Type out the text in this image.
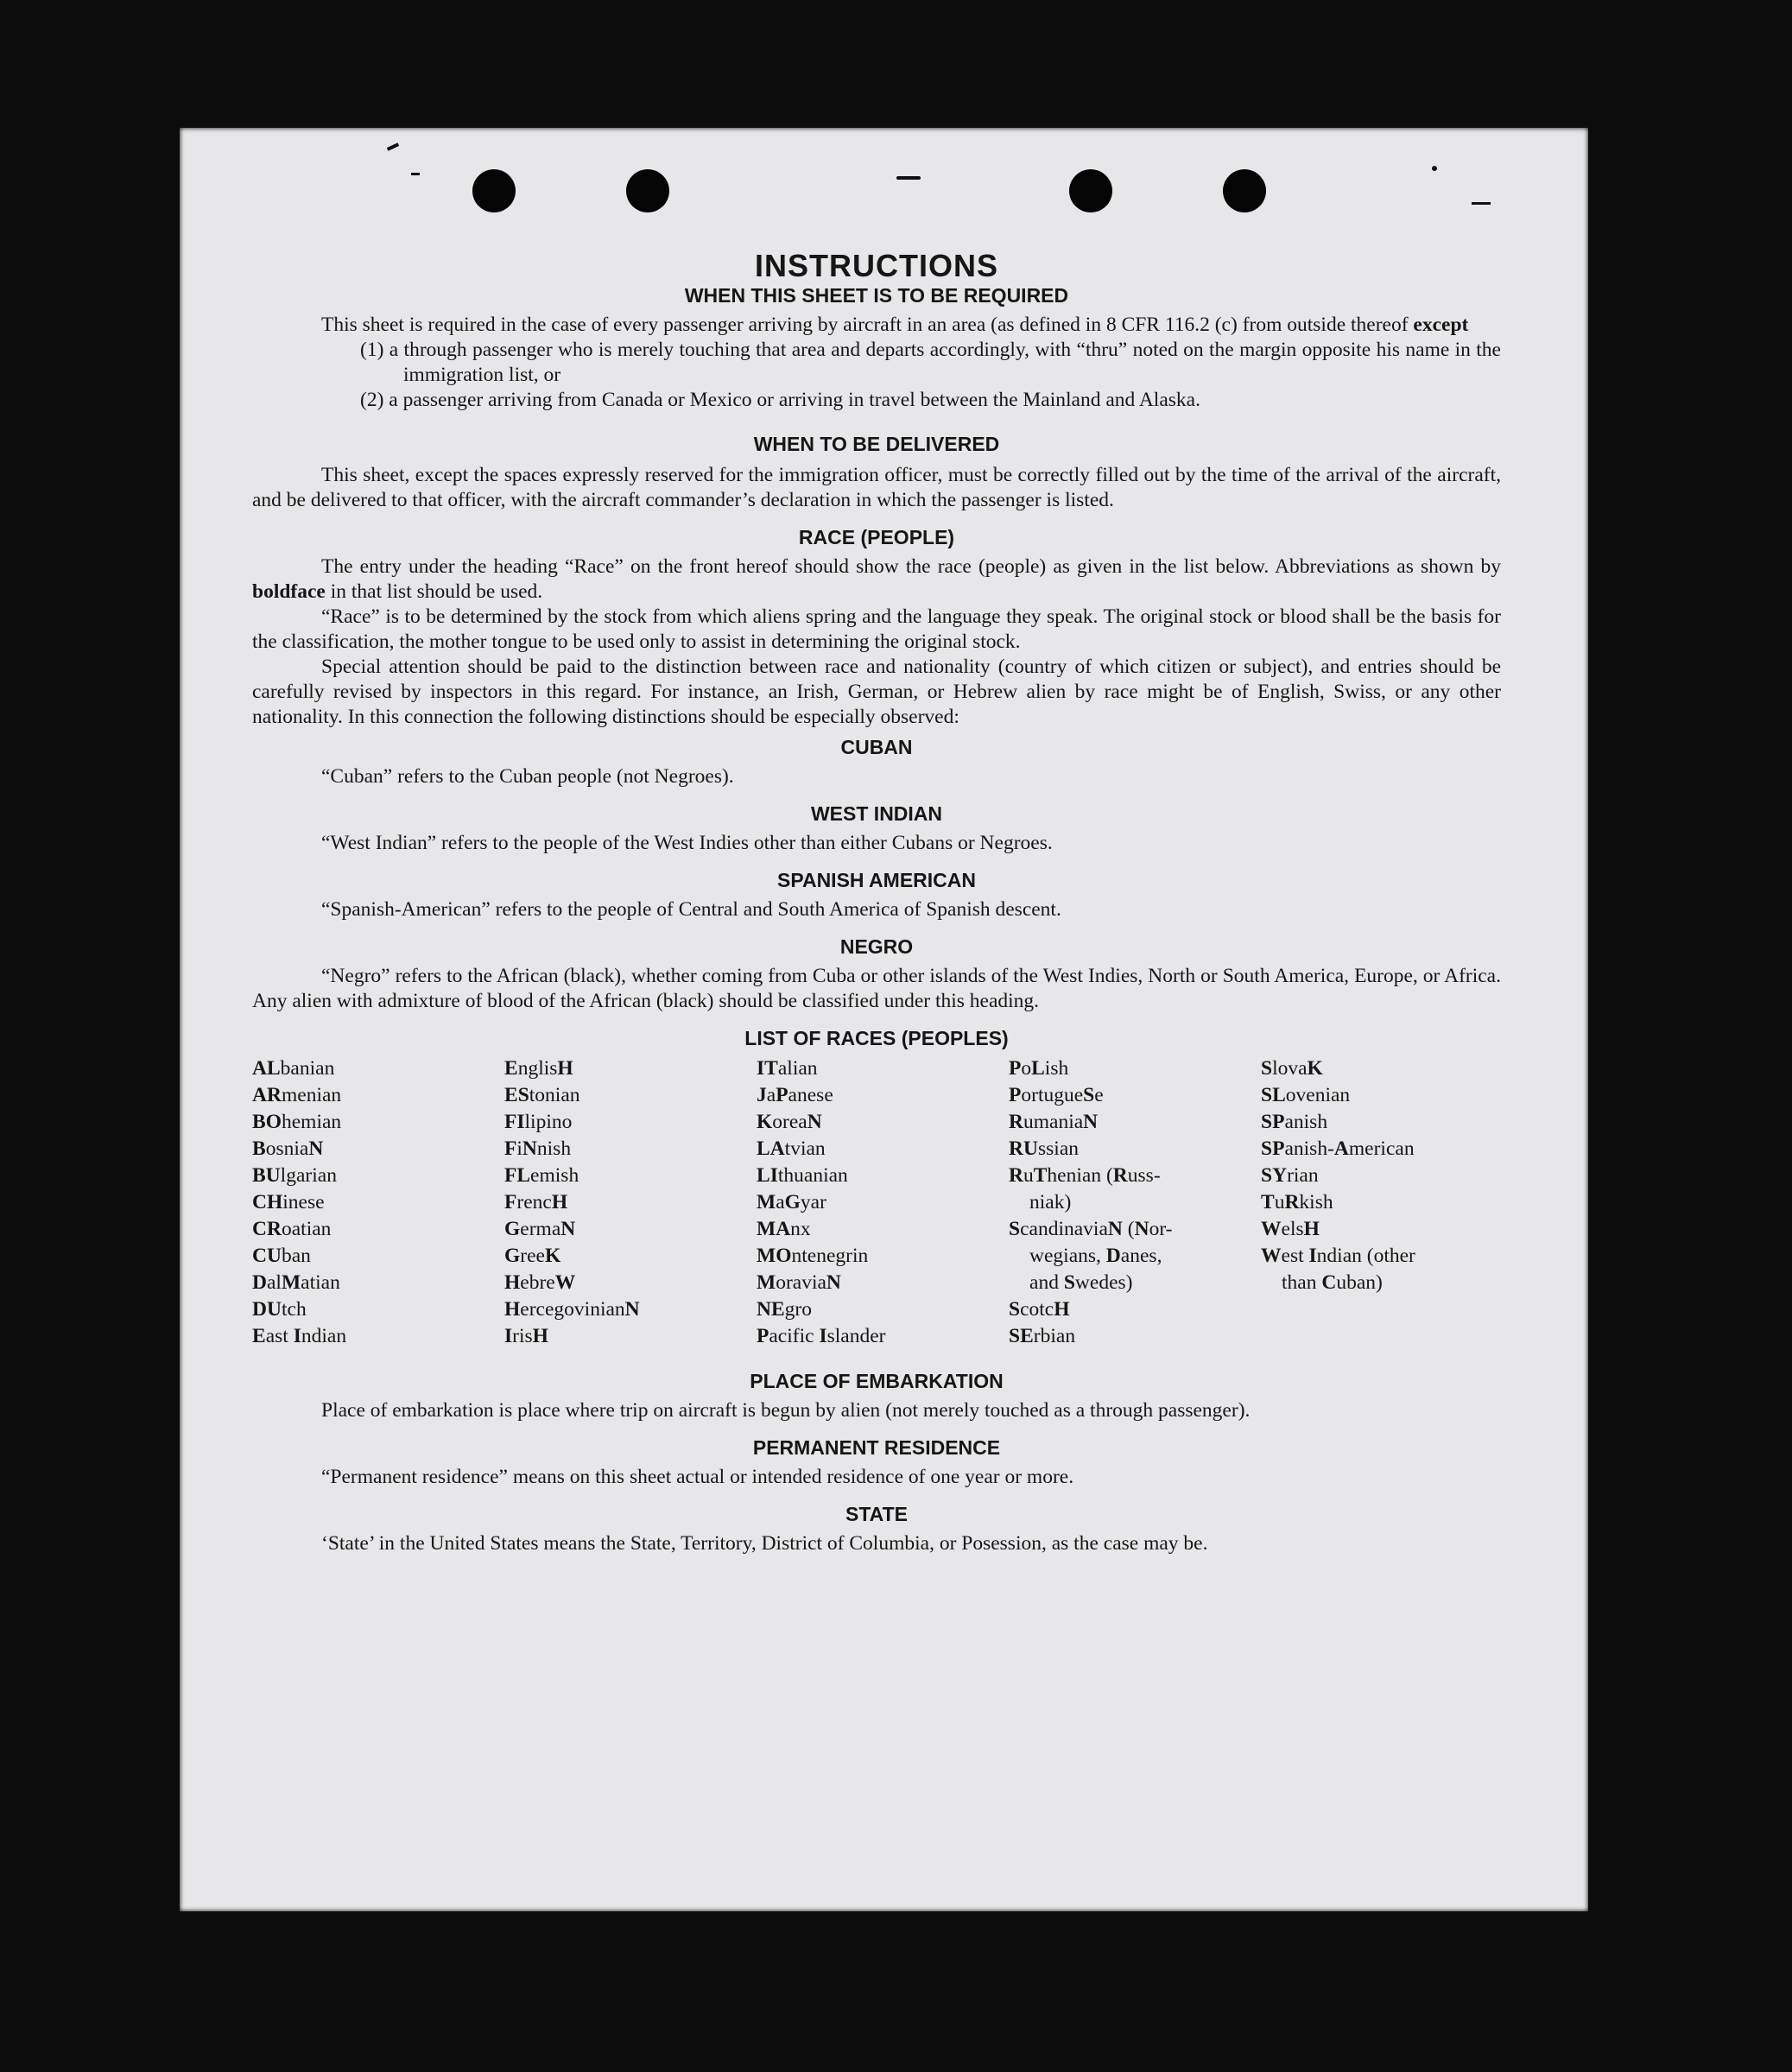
INSTRUCTIONS
WHEN THIS SHEET IS TO BE REQUIRED

This sheet is required in the case of every passenger arriving by aircraft in an area (as defined in 8 CFR 116.2 (c) from outside thereof except

(1) a through passenger who is merely touching that area and departs accordingly, with “thru” noted on the margin opposite his name in the immigration list, or
(2) a passenger arriving from Canada or Mexico or arriving in travel between the Mainland and Alaska.
WHEN TO BE DELIVERED

This sheet, except the spaces expressly reserved for the immigration officer, must be correctly filled out by the time of the arrival of the aircraft, and be delivered to that officer, with the aircraft commander’s declaration in which the passenger is listed.

RACE (PEOPLE)

The entry under the heading “Race” on the front hereof should show the race (people) as given in the list below. Abbreviations as shown by boldface in that list should be used.

“Race” is to be determined by the stock from which aliens spring and the language they speak. The original stock or blood shall be the basis for the classification, the mother tongue to be used only to assist in determining the original stock.

Special attention should be paid to the distinction between race and nationality (country of which citizen or subject), and entries should be carefully revised by inspectors in this regard. For instance, an Irish, German, or Hebrew alien by race might be of English, Swiss, or any other nationality. In this connection the following distinctions should be especially observed:

CUBAN

“Cuban” refers to the Cuban people (not Negroes).

WEST INDIAN

“West Indian” refers to the people of the West Indies other than either Cubans or Negroes.

SPANISH AMERICAN

“Spanish-American” refers to the people of Central and South America of Spanish descent.

NEGRO

“Negro” refers to the African (black), whether coming from Cuba or other islands of the West Indies, North or South America, Europe, or Africa. Any alien with admixture of blood of the African (black) should be classified under this heading.

LIST OF RACES (PEOPLES)
ALbanian
ARmenian
BOhemian
BosniaN
BUlgarian
CHinese
CRoatian
CUban
DalMatian
DUtch
East Indian
EnglisH
EStonian
FIlipino
FiNnish
FLemish
FrencH
GermaN
GreeK
HebreW
HercegovinianN
IrisH
ITalian
JaPanese
KoreaN
LAtvian
LIthuanian
MaGyar
MAnx
MOntenegrin
MoraviaN
NEgro
Pacific Islander
PoLish
PortugueSe
RumaniaN
RUssian
RuThenian (Russ-
niak)
ScandinaviaN (Nor-
wegians, Danes,
and Swedes)
ScotcH
SErbian
SlovaK
SLovenian
SPanish
SPanish-American
SYrian
TuRkish
WelsH
West Indian (other
than Cuban)
PLACE OF EMBARKATION

Place of embarkation is place where trip on aircraft is begun by alien (not merely touched as a through passenger).

PERMANENT RESIDENCE

“Permanent residence” means on this sheet actual or intended residence of one year or more.

STATE

‘State’ in the United States means the State, Territory, District of Columbia, or Posession, as the case may be.
